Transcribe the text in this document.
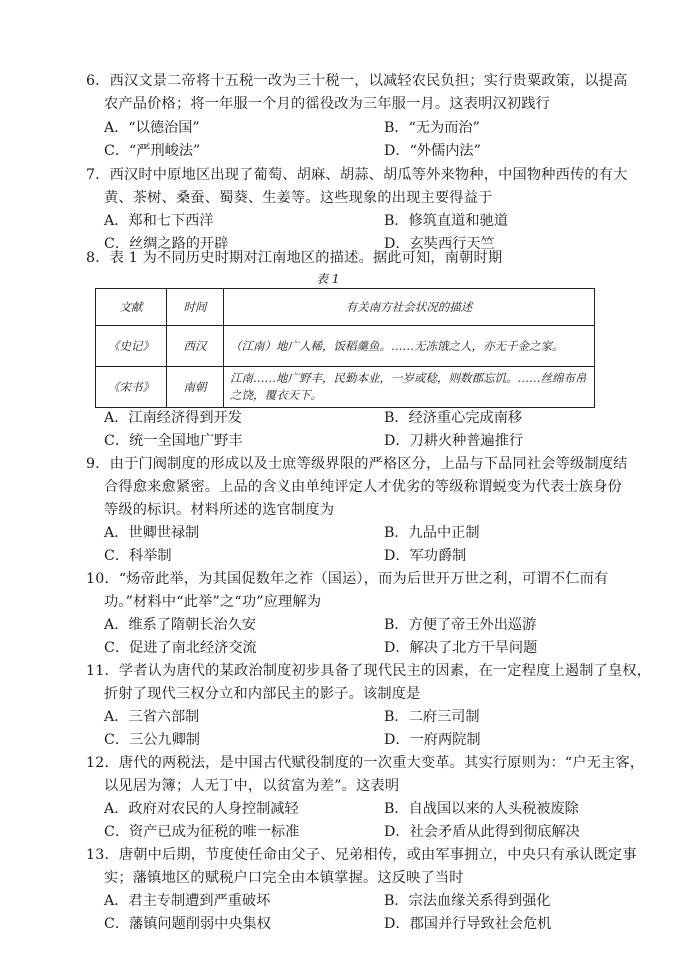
6．西汉文景二帝将十五税一改为三十税一，以减轻农民负担；实行贵粟政策，以提高
农产品价格；将一年服一个月的徭役改为三年服一月。这表明汉初践行
A．“以德治国”	B．“无为而治”
C．“严刑峻法”	D．“外儒内法”
7．西汉时中原地区出现了葡萄、胡麻、胡蒜、胡瓜等外来物种，中国物种西传的有大
黄、茶树、桑蚕、蜀葵、生姜等。这些现象的出现主要得益于
A．郑和七下西洋	B．修筑直道和驰道
C．丝绸之路的开辟	D．玄奘西行天竺
8．表 1 为不同历史时期对江南地区的描述。据此可知，南朝时期
表 1
文献	时间	有关南方社会状况的描述
《史记》	西汉	（江南）地广人稀，饭稻羹鱼。……无冻饿之人，亦无千金之家。
《宋书》	南朝	江南……地广野丰，民勤本业，一岁或稔，则数郡忘饥。……丝绵布帛之饶，覆衣天下。
A．江南经济得到开发	B．经济重心完成南移
C．统一全国地广野丰	D．刀耕火种普遍推行
9．由于门阀制度的形成以及士庶等级界限的严格区分，上品与下品同社会等级制度结
合得愈来愈紧密。上品的含义由单纯评定人才优劣的等级称谓蜕变为代表士族身份
等级的标识。材料所述的选官制度为
A．世卿世禄制	B．九品中正制
C．科举制	D．军功爵制
10．“炀帝此举，为其国促数年之祚（国运），而为后世开万世之利，可谓不仁而有
功。”材料中“此举”之“功”应理解为
A．维系了隋朝长治久安	B．方便了帝王外出巡游
C．促进了南北经济交流	D．解决了北方干旱问题
11．学者认为唐代的某政治制度初步具备了现代民主的因素，在一定程度上遏制了皇权，
折射了现代三权分立和内部民主的影子。该制度是
A．三省六部制	B．二府三司制
C．三公九卿制	D．一府两院制
12．唐代的两税法，是中国古代赋役制度的一次重大变革。其实行原则为：“户无主客，
以见居为簿；人无丁中，以贫富为差”。这表明
A．政府对农民的人身控制减轻	B．自战国以来的人头税被废除
C．资产已成为征税的唯一标准	D．社会矛盾从此得到彻底解决
13．唐朝中后期，节度使任命由父子、兄弟相传，或由军事拥立，中央只有承认既定事
实；藩镇地区的赋税户口完全由本镇掌握。这反映了当时
A．君主专制遭到严重破坏	B．宗法血缘关系得到强化
C．藩镇问题削弱中央集权	D．郡国并行导致社会危机
